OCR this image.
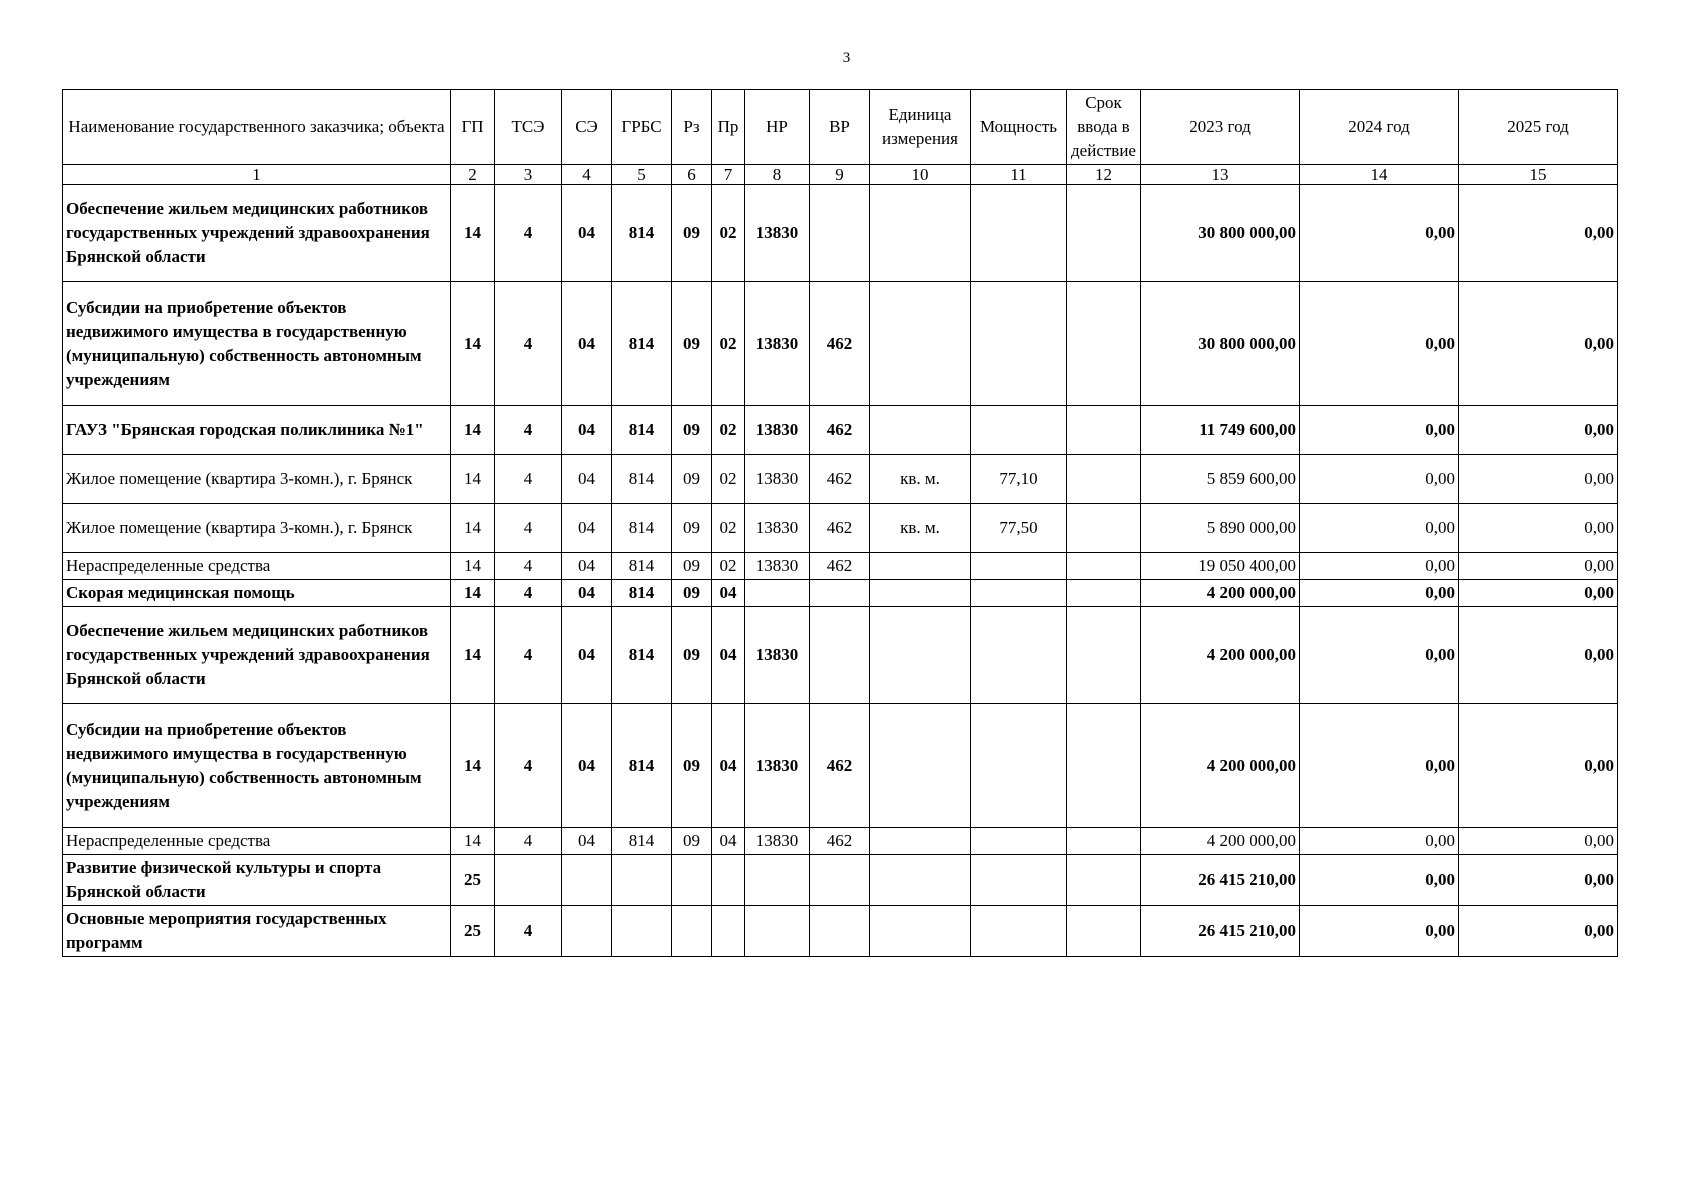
3
Наименование государственного заказчика; объекта	ГП	ТСЭ	СЭ	ГРБС	Рз	Пр	НР	ВР	Единица измерения	Мощность	Срок ввода в действие	2023 год	2024 год	2025 год
1	2	3	4	5	6	7	8	9	10	11	12	13	14	15
Обеспечение жильем медицинских работников государственных учреждений здравоохранения Брянской области	14	4	04	814	09	02	13830					30 800 000,00	0,00	0,00
Субсидии на приобретение объектов недвижимого имущества в государственную (муниципальную) собственность автономным учреждениям	14	4	04	814	09	02	13830	462				30 800 000,00	0,00	0,00
ГАУЗ "Брянская городская поликлиника №1"	14	4	04	814	09	02	13830	462				11 749 600,00	0,00	0,00
Жилое помещение (квартира 3-комн.), г. Брянск	14	4	04	814	09	02	13830	462	кв. м.	77,10		5 859 600,00	0,00	0,00
Жилое помещение (квартира 3-комн.), г. Брянск	14	4	04	814	09	02	13830	462	кв. м.	77,50		5 890 000,00	0,00	0,00
Нераспределенные средства	14	4	04	814	09	02	13830	462				19 050 400,00	0,00	0,00
Скорая медицинская помощь	14	4	04	814	09	04						4 200 000,00	0,00	0,00
Обеспечение жильем медицинских работников государственных учреждений здравоохранения Брянской области	14	4	04	814	09	04	13830					4 200 000,00	0,00	0,00
Субсидии на приобретение объектов недвижимого имущества в государственную (муниципальную) собственность автономным учреждениям	14	4	04	814	09	04	13830	462				4 200 000,00	0,00	0,00
Нераспределенные средства	14	4	04	814	09	04	13830	462				4 200 000,00	0,00	0,00
Развитие физической культуры и спорта Брянской области	25											26 415 210,00	0,00	0,00
Основные мероприятия государственных программ	25	4										26 415 210,00	0,00	0,00
